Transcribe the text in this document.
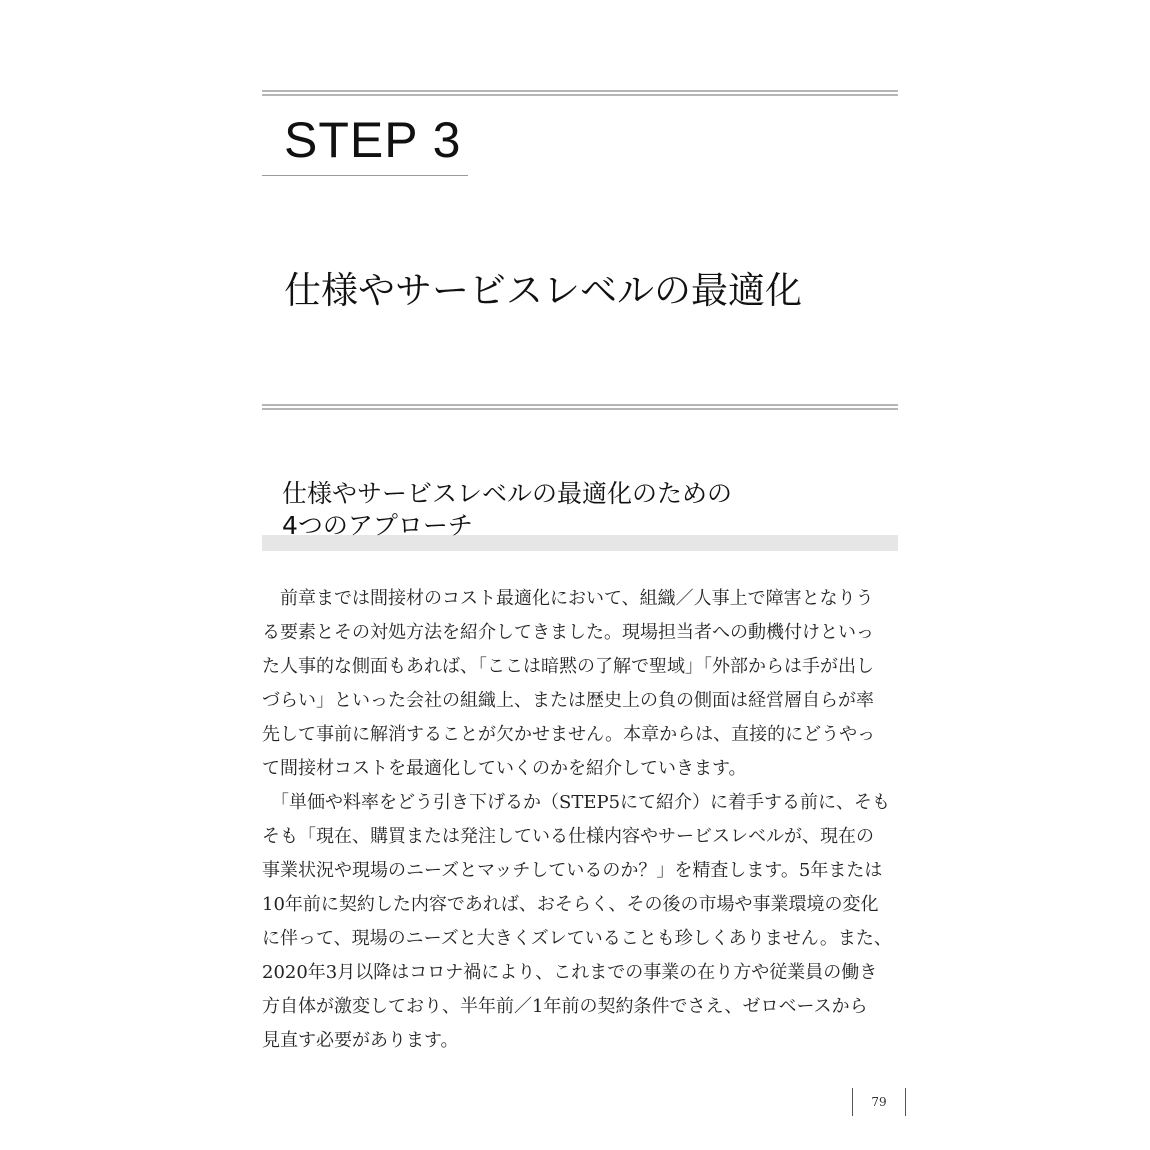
STEP 3
仕様やサービスレベルの最適化
仕様やサービスレベルの最適化のための
4つのアプローチ
　前章までは間接材のコスト最適化において、組織／人事上で障害となりう
る要素とその対処方法を紹介してきました。現場担当者への動機付けといっ
た人事的な側面もあれば、「ここは暗黙の了解で聖域」「外部からは手が出し
づらい」といった会社の組織上、または歴史上の負の側面は経営層自らが率
先して事前に解消することが欠かせません。本章からは、直接的にどうやっ
て間接材コストを最適化していくのかを紹介していきます。
　「単価や料率をどう引き下げるか（STEP5にて紹介）に着手する前に、そも
そも「現在、購買または発注している仕様内容やサービスレベルが、現在の
事業状況や現場のニーズとマッチしているのか？」を精査します。5年または
10年前に契約した内容であれば、おそらく、その後の市場や事業環境の変化
に伴って、現場のニーズと大きくズレていることも珍しくありません。また、
2020年3月以降はコロナ禍により、これまでの事業の在り方や従業員の働き
方自体が激変しており、半年前／1年前の契約条件でさえ、ゼロベースから
見直す必要があります。
79
